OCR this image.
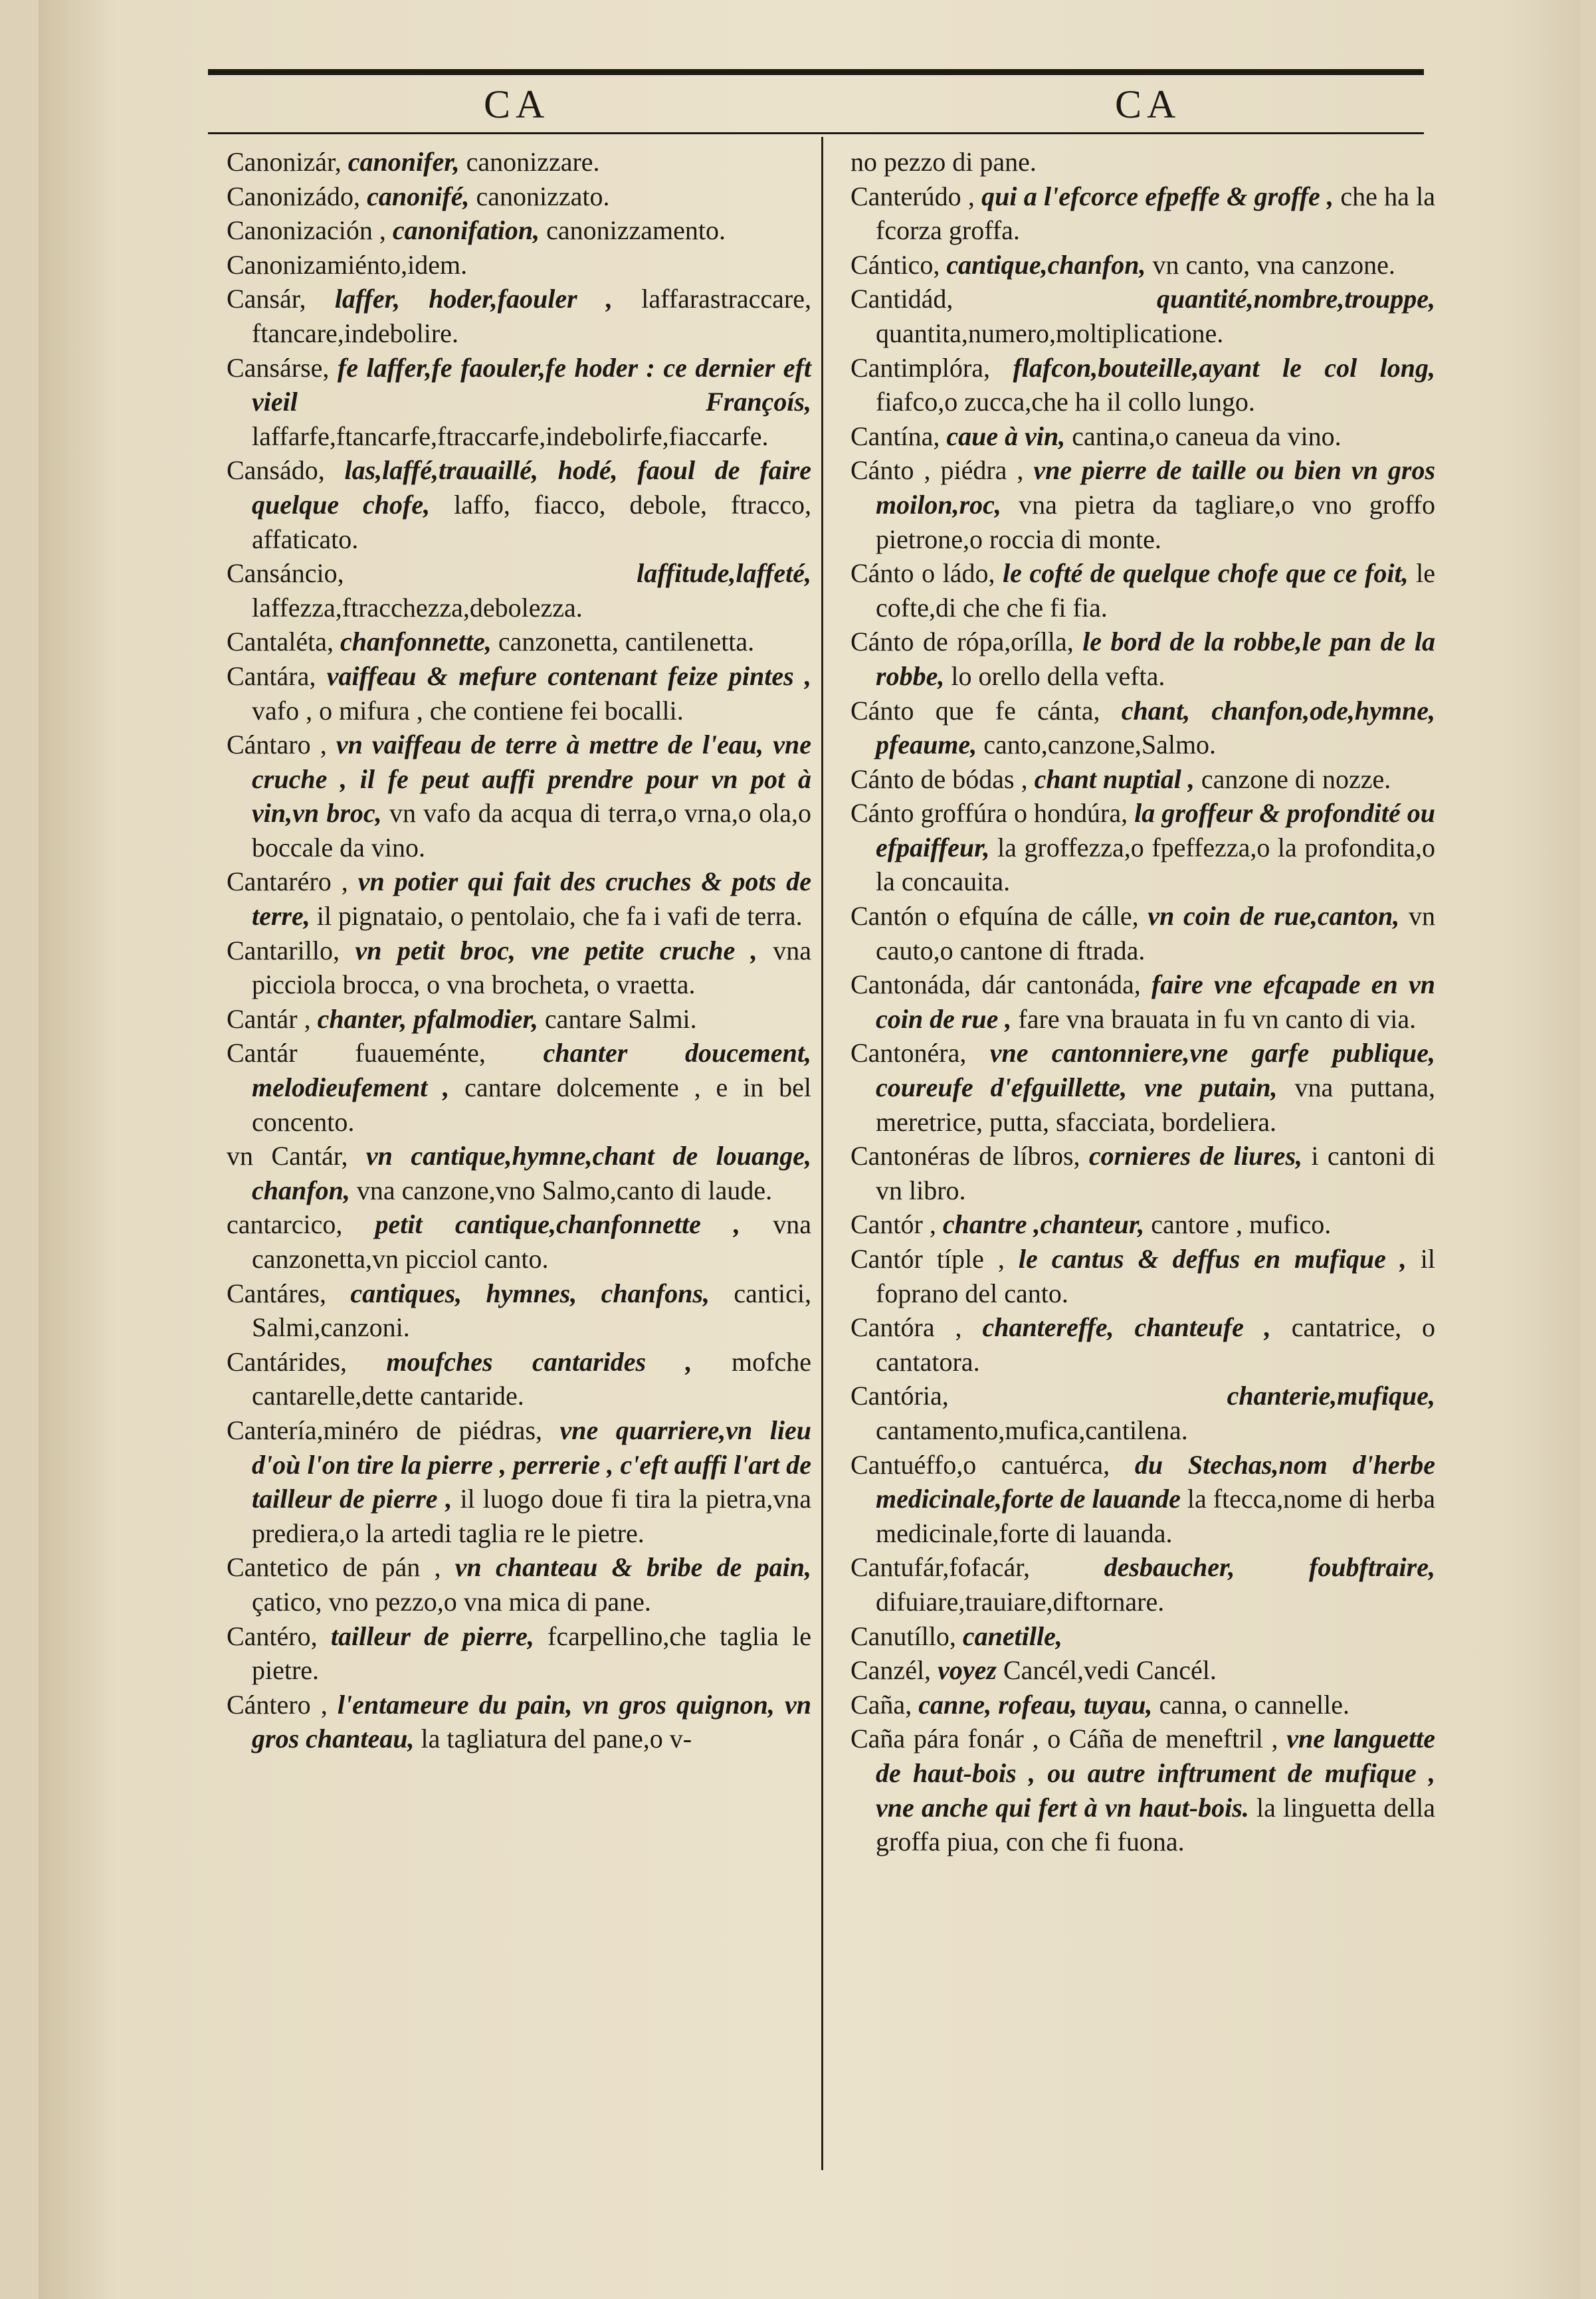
CA	CA
Canonizár, canonifer, canonizzare.
Canonizádo, canonifé, canonizzato.
Canonización , canonifation, canonizzamento.
Canonizamiénto,idem.
Cansár, laffer, hoder,faouler , laffarastraccare, ftancare,indebolire.
Cansárse, fe laffer,fe faouler,fe hoder : ce dernier eft vieil Françoís, laffarfe,ftancarfe,ftraccarfe,indebolirfe,fiaccarfe.
Cansádo, las,laffé,trauaillé, hodé, faoul de faire quelque chofe, laffo, fiacco, debole, ftracco, affaticato.
Cansáncio,	laffitude,laffeté, laffezza,ftracchezza,debolezza.
Cantaléta, chanfonnette, canzonetta, cantilenetta.
Cantára, vaiffeau & mefure contenant feize pintes , vafo , o mifura , che contiene fei bocalli.
Cántaro , vn vaiffeau de terre à mettre de l'eau, vne cruche , il fe peut auffi prendre pour vn pot à vin,vn broc, vn vafo da acqua di terra,o vrna,o ola,o boccale da vino.
Cantaréro , vn potier qui fait des cruches & pots de terre, il pignataio, o pentolaio, che fa i vafi de terra.
Cantarillo, vn petit broc, vne petite cruche , vna picciola brocca, o vna brocheta, o vraetta.
Cantár , chanter, pfalmodier, cantare Salmi.
Cantár fuaueménte, chanter doucement, melodieufement , cantare dolcemente , e in bel concento.
vn Cantár, vn cantique,hymne,chant de louange, chanfon, vna canzone,vno Salmo,canto di laude.
cantarcico, petit cantique,chanfonnette , vna canzonetta,vn picciol canto.
Cantáres, cantiques, hymnes, chanfons, cantici, Salmi,canzoni.
Cantárides, moufches cantarides , mofche cantarelle,dette cantaride.
Cantería,minéro de piédras, vne quarriere,vn lieu d'où l'on tire la pierre , perrerie , c'eft auffi l'art de tailleur de pierre , il luogo doue fi tira la pietra,vna prediera,o la artedi taglia re le pietre.
Cantetico de pán , vn chanteau & bribe de pain, çatico, vno pezzo,o vna mica di pane.
Cantéro, tailleur de pierre, fcarpellino,che taglia le pietre.
Cántero , l'entameure du pain, vn gros quignon, vn gros chanteau, la tagliatura del pane,o v-
no pezzo di pane.
Canterúdo , qui a l'efcorce efpeffe & groffe , che ha la fcorza groffa.
Cántico, cantique,chanfon, vn canto, vna canzone.
Cantidád,	quantité,nombre,trouppe, quantita,numero,moltiplicatione.
Cantimplóra, flafcon,bouteille,ayant le col long, fiafco,o zucca,che ha il collo lungo.
Cantína, caue à vin, cantina,o caneua da vino.
Cánto , piédra , vne pierre de taille ou bien vn gros moilon,roc, vna pietra da tagliare,o vno groffo pietrone,o roccia di monte.
Cánto o ládo, le cofté de quelque chofe que ce foit, le cofte,di che che fi fia.
Cánto de rópa,orílla, le bord de la robbe,le pan de la robbe, lo orello della vefta.
Cánto que fe cánta, chant, chanfon,ode,hymne, pfeaume, canto,canzone,Salmo.
Cánto de bódas , chant nuptial , canzone di nozze.
Cánto groffúra o hondúra, la groffeur & profondité ou efpaiffeur, la groffezza,o fpeffezza,o la profondita,o la concauita.
Cantón o efquína de cálle, vn coin de rue,canton, vn cauto,o cantone di ftrada.
Cantonáda, dár cantonáda, faire vne efcapade en vn coin de rue , fare vna brauata in fu vn canto di via.
Cantonéra, vne cantonniere,vne garfe publique, coureufe d'efguillette, vne putain, vna puttana, meretrice, putta, sfacciata, bordeliera.
Cantonéras de líbros, cornieres de liures, i cantoni di vn libro.
Cantór , chantre ,chanteur, cantore , mufico.
Cantór típle , le cantus & deffus en mufique , il foprano del canto.
Cantóra , chantereffe, chanteufe , cantatrice, o cantatora.
Cantória,	chanterie,mufique, cantamento,mufica,cantilena.
Cantuéffo,o cantuérca, du Stechas,nom d'herbe medicinale,forte de lauande la ftecca,nome di herba medicinale,forte di lauanda.
Cantufár,fofacár,	desbaucher, foubftraire, difuiare,trauiare,diftornare.
Canutíllo, canetille,
Canzél, voyez Cancél,vedi Cancél.
Caña, canne, rofeau, tuyau, canna, o cannelle.
Caña pára fonár , o Cáña de meneftril , vne languette de haut-bois , ou autre inftrument de mufique , vne anche qui fert à vn haut-bois. la linguetta della groffa piua, con che fi fuona.
